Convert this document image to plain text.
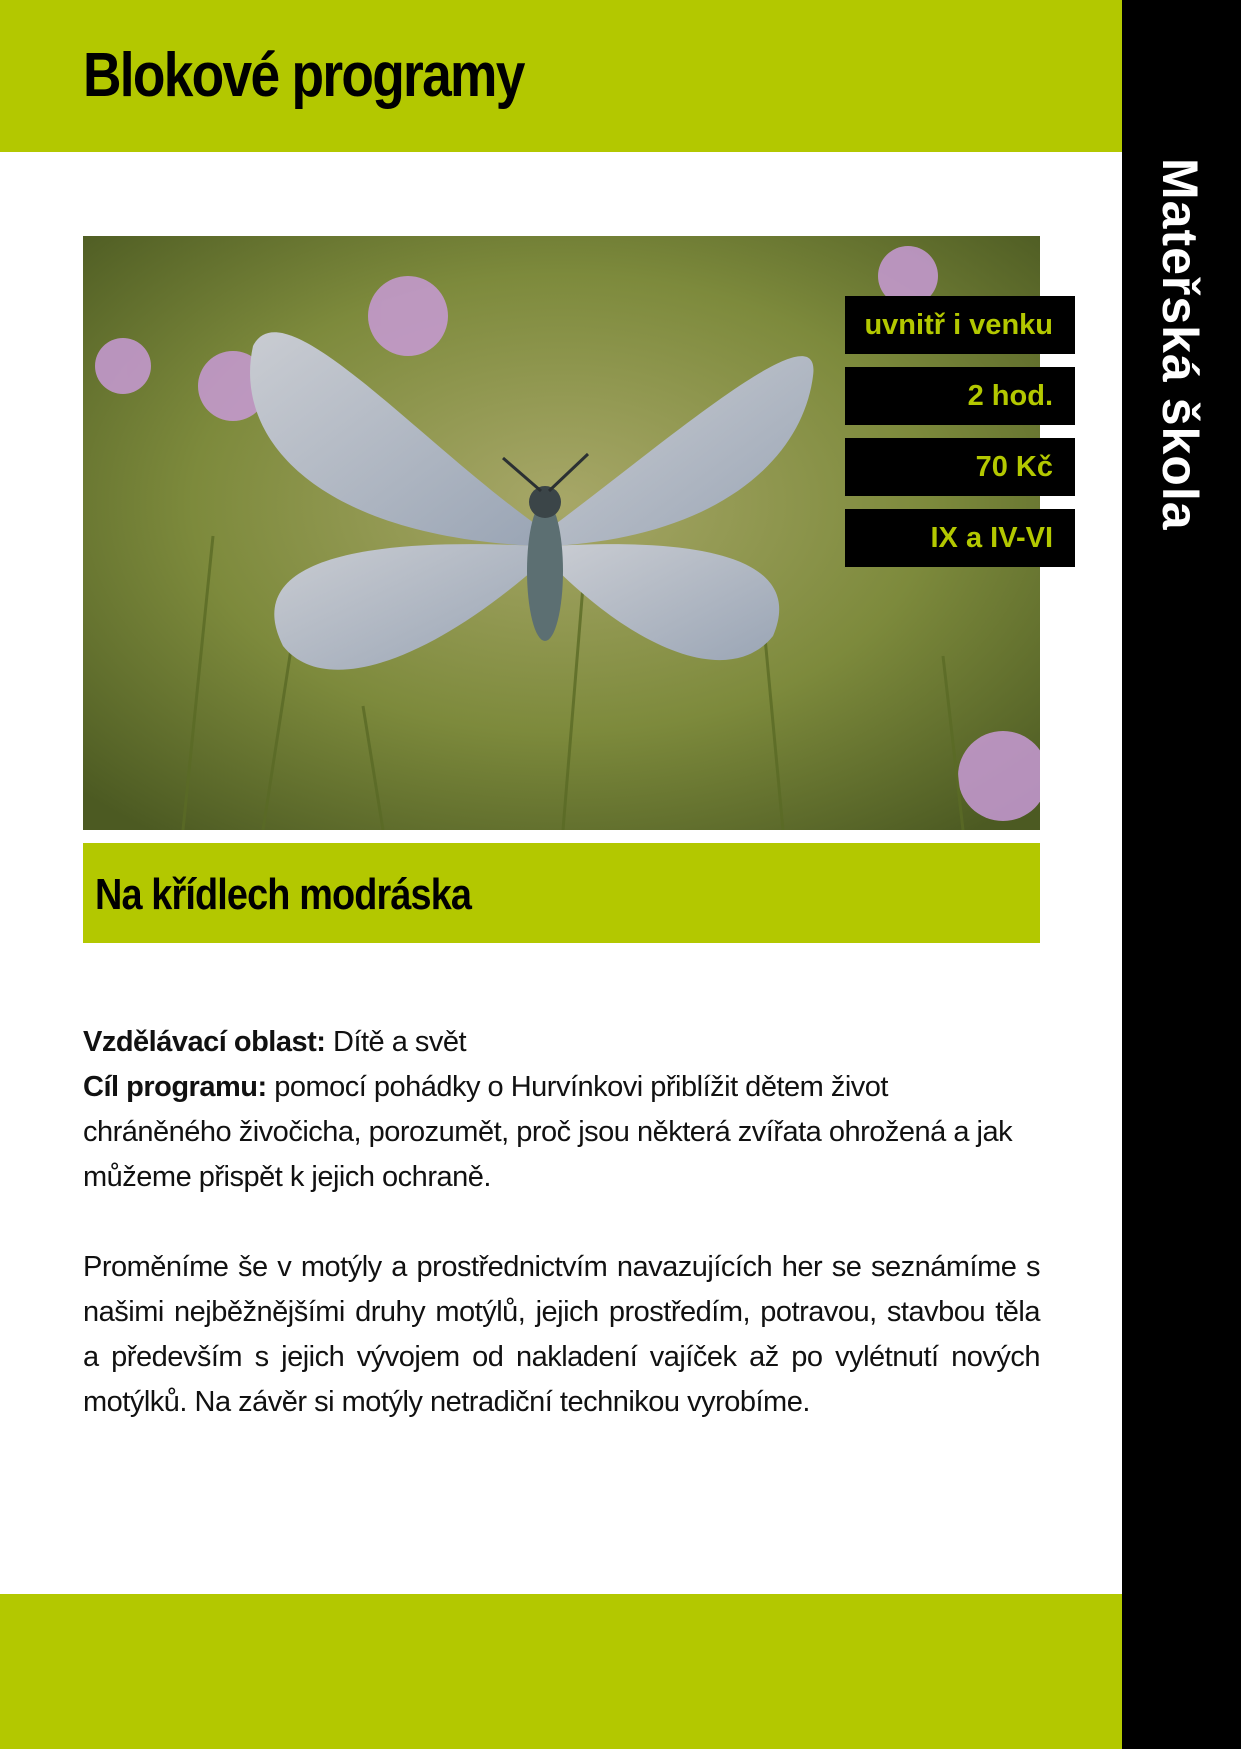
Blokové programy
Mateřská škola
uvnitř i venku
2 hod.
70 Kč
IX a IV-VI
Na křídlech modráska

Vzdělávací oblast: Dítě a svět

Cíl programu: pomocí pohádky o Hurvínkovi přiblížit dětem život chráněného živočicha, porozumět, proč jsou některá zvířata ohrožená a jak můžeme přispět k jejich ochraně.

Proměníme še v motýly a prostřednictvím navazujících her se seznámíme s našimi nejběžnějšími druhy motýlů, jejich prostředím, potravou, stavbou těla a především s jejich vývojem od nakladení vajíček až po vylétnutí nových motýlků. Na závěr si motýly netradiční technikou vyrobíme.
